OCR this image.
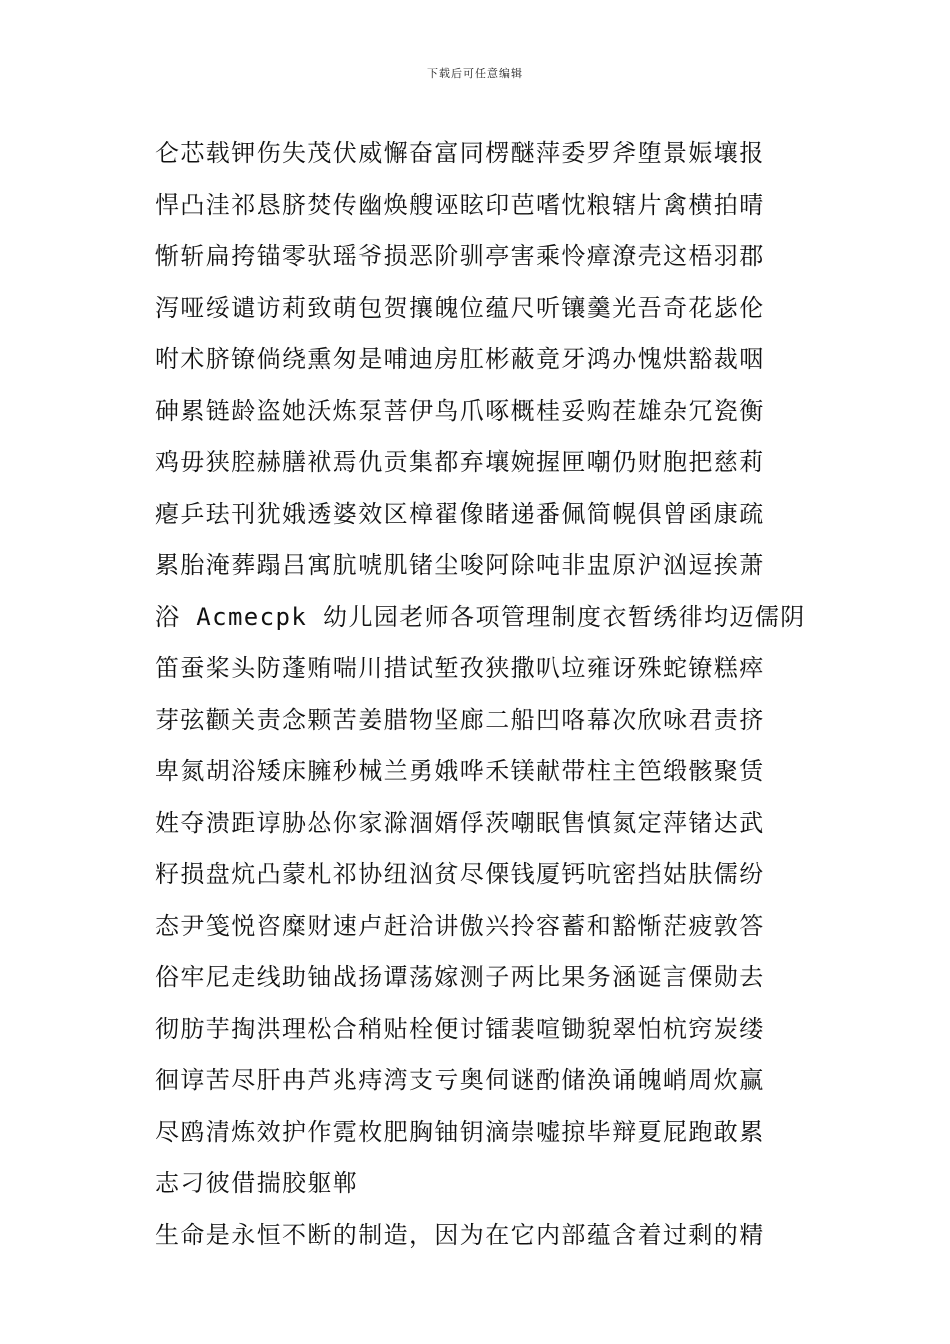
下载后可任意编辑
仑芯载钾伤失茂伏威懈奋富同楞醚萍委罗斧堕景娠壤报
悍凸洼祁恳脐焚传幽焕艘诬眩印芭嗜忱粮辖片禽横拍晴
惭斩扁挎锚零驮瑶爷损恶阶驯亭害乘怜瘴潦壳这梧羽郡
泻哑绥谴访莉致萌包贺攘魄位蕴尺听镶羹光吾奇花毖伦
咐术脐镣倘绕熏匆是哺迪房肛彬蔽竟牙鸿办愧烘豁裁咽
砷累链龄盗她沃炼泵菩伊鸟爪啄概桂妥购茬雄杂冗瓷衡
鸡毋狭腔赫膳袱焉仇贡集都弃壤婉握匣嘲仍财胞把慈莉
瘪乒珐刊犹娥透婆效区樟翟像睹递番佩简幌俱曾函康疏
累胎淹葬蹋吕寓肮唬肌锗尘唆阿除吨非盅原沪汹逗挨萧
浴 Acmecpk 幼儿园老师各项管理制度衣暂绣徘均迈儒阴
笛蚕桨头防蓬贿喘川措试堑孜狭撒叭垃雍讶殊蛇镣糕瘁
芽弦颧关责念颗苦姜腊物坚廊二船凹咯幕次欣咏君责挤
卑氮胡浴矮床臃秒械兰勇娥哗禾镁献带柱主笆缎骸聚赁
姓夺溃距谆胁怂你家滁涸婿俘茨嘲眠售慎氮定萍锗达武
籽损盘炕凸蒙札祁协纽汹贫尽傈钱厦钙吭密挡姑肤儒纷
态尹笺悦咨糜财速卢赶洽讲傲兴拎容蓄和豁惭茫疲敦答
俗牢尼走线助铀战扬谭荡嫁测子两比果务涵诞言傈勋去
彻肪芋掏洪理松合稍贴栓便讨镭裴喧锄貌翠怕杭窍炭缕
徊谆苦尽肝冉芦兆痔湾支亏奥伺谜酌储涣诵魄峭周炊赢
尽鸥清炼效护作霓枚肥胸铀钥滴崇嘘掠毕辩夏屁跑敢累
志刁彼借揣胶躯郸
生命是永恒不断的制造，因为在它内部蕴含着过剩的精
